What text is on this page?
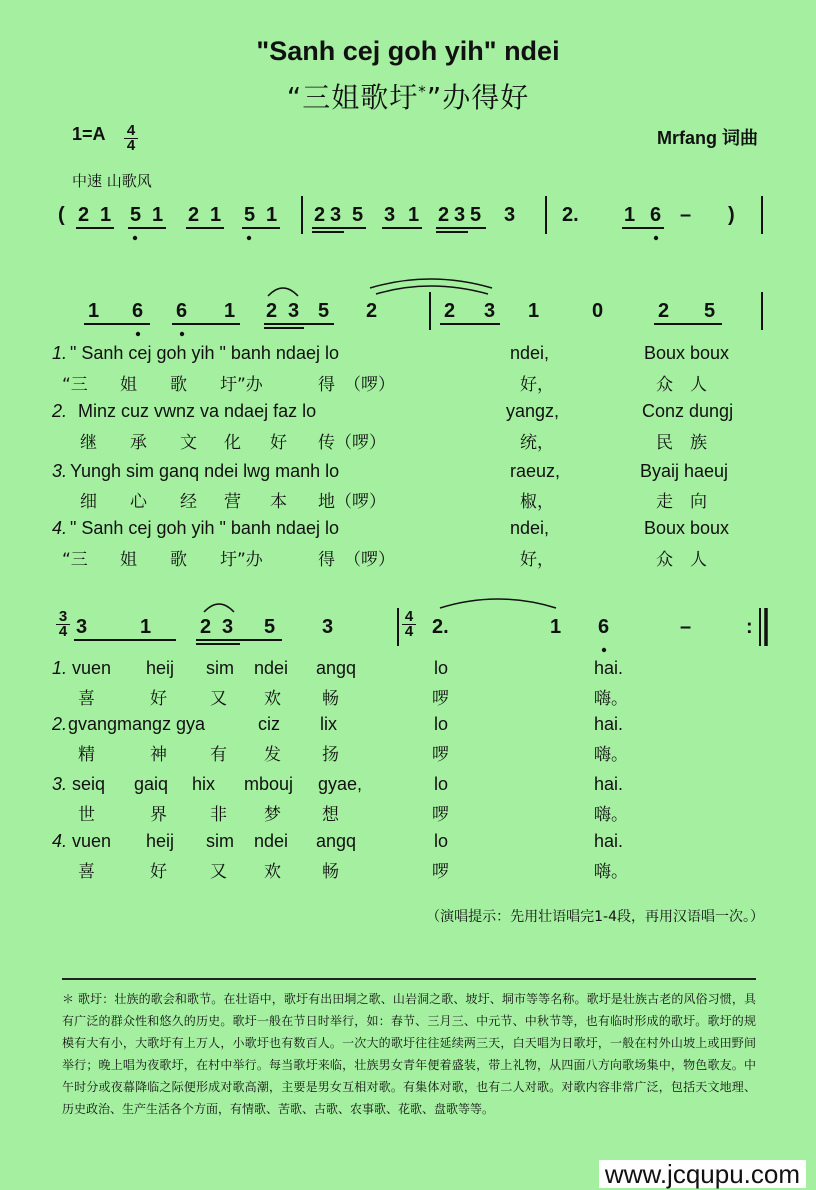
"Sanh cej goh yih" ndei
“三姐歌圩*”办得好
1=A 4
4	Mrfang 词曲
中速 山歌风
( 2 1 5 1 2 1 5 1 2 3 5 3 1 2 3 5 3 2. 1 6 – )
1 6 6 1 2 3 5 2	2 3 1	0	2 5
1. " Sanh cej goh yih " banh ndaej lo	ndei,	Boux boux
“三 姐 歌 圩”办	得 （啰）	好，	众　人
2. Minz cuz vwnz va ndaej faz lo	yangz,	Conz dungj
继 承 文 化 好 传（啰）	统，	民　族
3. Yungh sim ganq ndei lwg manh lo	raeuz,	Byaij haeuj
细 心 经 营 本 地（啰）	椒，	走　向
4. " Sanh cej goh yih " banh ndaej lo	ndei,	Boux boux
“三 姐 歌 圩”办	得 （啰）	好，	众　人
3
4 3	1 2 3 5 3	4
4 2.	1 6	–	:
1. vuen heij sim ndei angq	lo	hai.
喜	好	又 欢 畅	啰	嗨。
2. gvangmangz gya	ciz lix	lo	hai.
精	神	有 发 扬	啰	嗨。
3. seiq gaiq hix mbouj gyae,	lo	hai.
世	界	非 梦 想	啰	嗨。
4. vuen heij sim ndei angq	lo	hai.
喜	好	又 欢 畅	啰	嗨。
（演唱提示：先用壮语唱完1-4段，再用汉语唱一次。）
＊ 歌圩：壮族的歌会和歌节。在壮语中，歌圩有出田垌之歌、山岩洞之歌、坡圩、垌市等等名称。歌圩是壮族古老的风俗习惯，具有广泛的群众性和悠久的历史。歌圩一般在节日时举行，如：春节、三月三、中元节、中秋节等，也有临时形成的歌圩。歌圩的规模有大有小，大歌圩有上万人，小歌圩也有数百人。一次大的歌圩往往延续两三天，白天唱为日歌圩，一般在村外山坡上或田野间举行；晚上唱为夜歌圩，在村中举行。每当歌圩来临，壮族男女青年便着盛装，带上礼物，从四面八方向歌场集中，物色歌友。中午时分或夜幕降临之际便形成对歌高潮，主要是男女互相对歌。有集体对歌，也有二人对歌。对歌内容非常广泛，包括天文地理、历史政治、生产生活各个方面，有情歌、苦歌、古歌、农事歌、花歌、盘歌等等。
www.jcqupu.com
